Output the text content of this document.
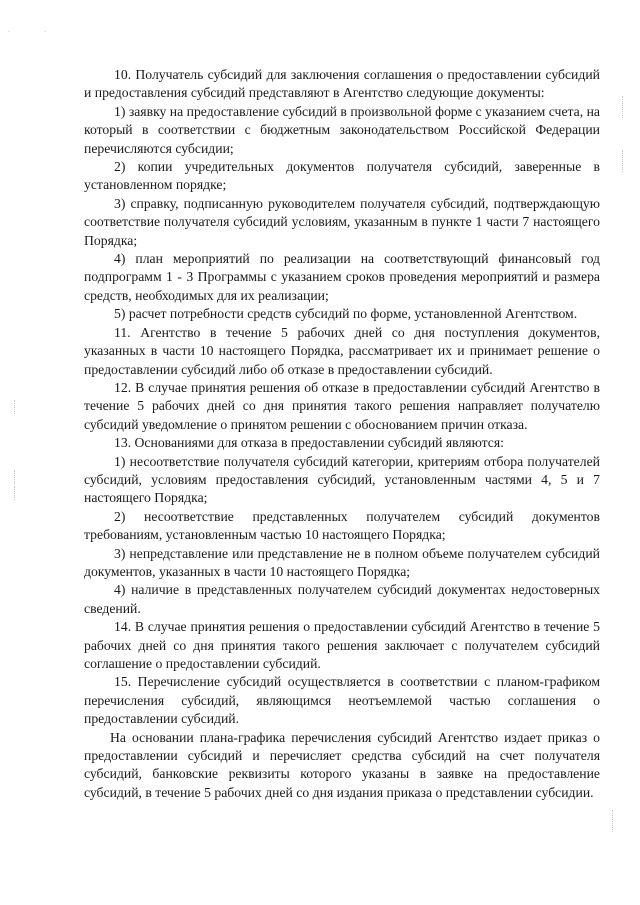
·	·

10. Получатель субсидий для заключения соглашения о предоставлении субсидий и предоставления субсидий представляют в Агентство следующие документы:

1) заявку на предоставление субсидий в произвольной форме с указанием счета, на который в соответствии с бюджетным законодательством Российской Федерации перечисляются субсидии;

2) копии учредительных документов получателя субсидий, заверенные в установленном порядке;

3) справку, подписанную руководителем получателя субсидий, подтверждающую соответствие получателя субсидий условиям, указанным в пункте 1 части 7 настоящего Порядка;

4) план мероприятий по реализации на соответствующий финансовый год подпрограмм 1 - 3 Программы с указанием сроков проведения мероприятий и размера средств, необходимых для их реализации;

5) расчет потребности средств субсидий по форме, установленной Агентством.

11. Агентство в течение 5 рабочих дней со дня поступления документов, указанных в части 10 настоящего Порядка, рассматривает их и принимает решение о предоставлении субсидий либо об отказе в предоставлении субсидий.

12. В случае принятия решения об отказе в предоставлении субсидий Агентство в течение 5 рабочих дней со дня принятия такого решения направляет получателю субсидий уведомление о принятом решении с обоснованием причин отказа.

13. Основаниями для отказа в предоставлении субсидий являются:

1) несоответствие получателя субсидий категории, критериям отбора получателей субсидий, условиям предоставления субсидий, установленным частями 4, 5 и 7 настоящего Порядка;

2) несоответствие представленных получателем субсидий документов требованиям, установленным частью 10 настоящего Порядка;

3) непредставление или представление не в полном объеме получателем субсидий документов, указанных в части 10 настоящего Порядка;

4) наличие в представленных получателем субсидий документах недостоверных сведений.

14. В случае принятия решения о предоставлении субсидий Агентство в течение 5 рабочих дней со дня принятия такого решения заключает с получателем субсидий соглашение о предоставлении субсидий.

15. Перечисление субсидий осуществляется в соответствии с планом-графиком перечисления субсидий, являющимся неотъемлемой частью соглашения о предоставлении субсидий.

На основании плана-графика перечисления субсидий Агентство издает приказ о предоставлении субсидий и перечисляет средства субсидий на счет получателя субсидий, банковские реквизиты которого указаны в заявке на предоставление субсидий, в течение 5 рабочих дней со дня издания приказа о представлении субсидии.
